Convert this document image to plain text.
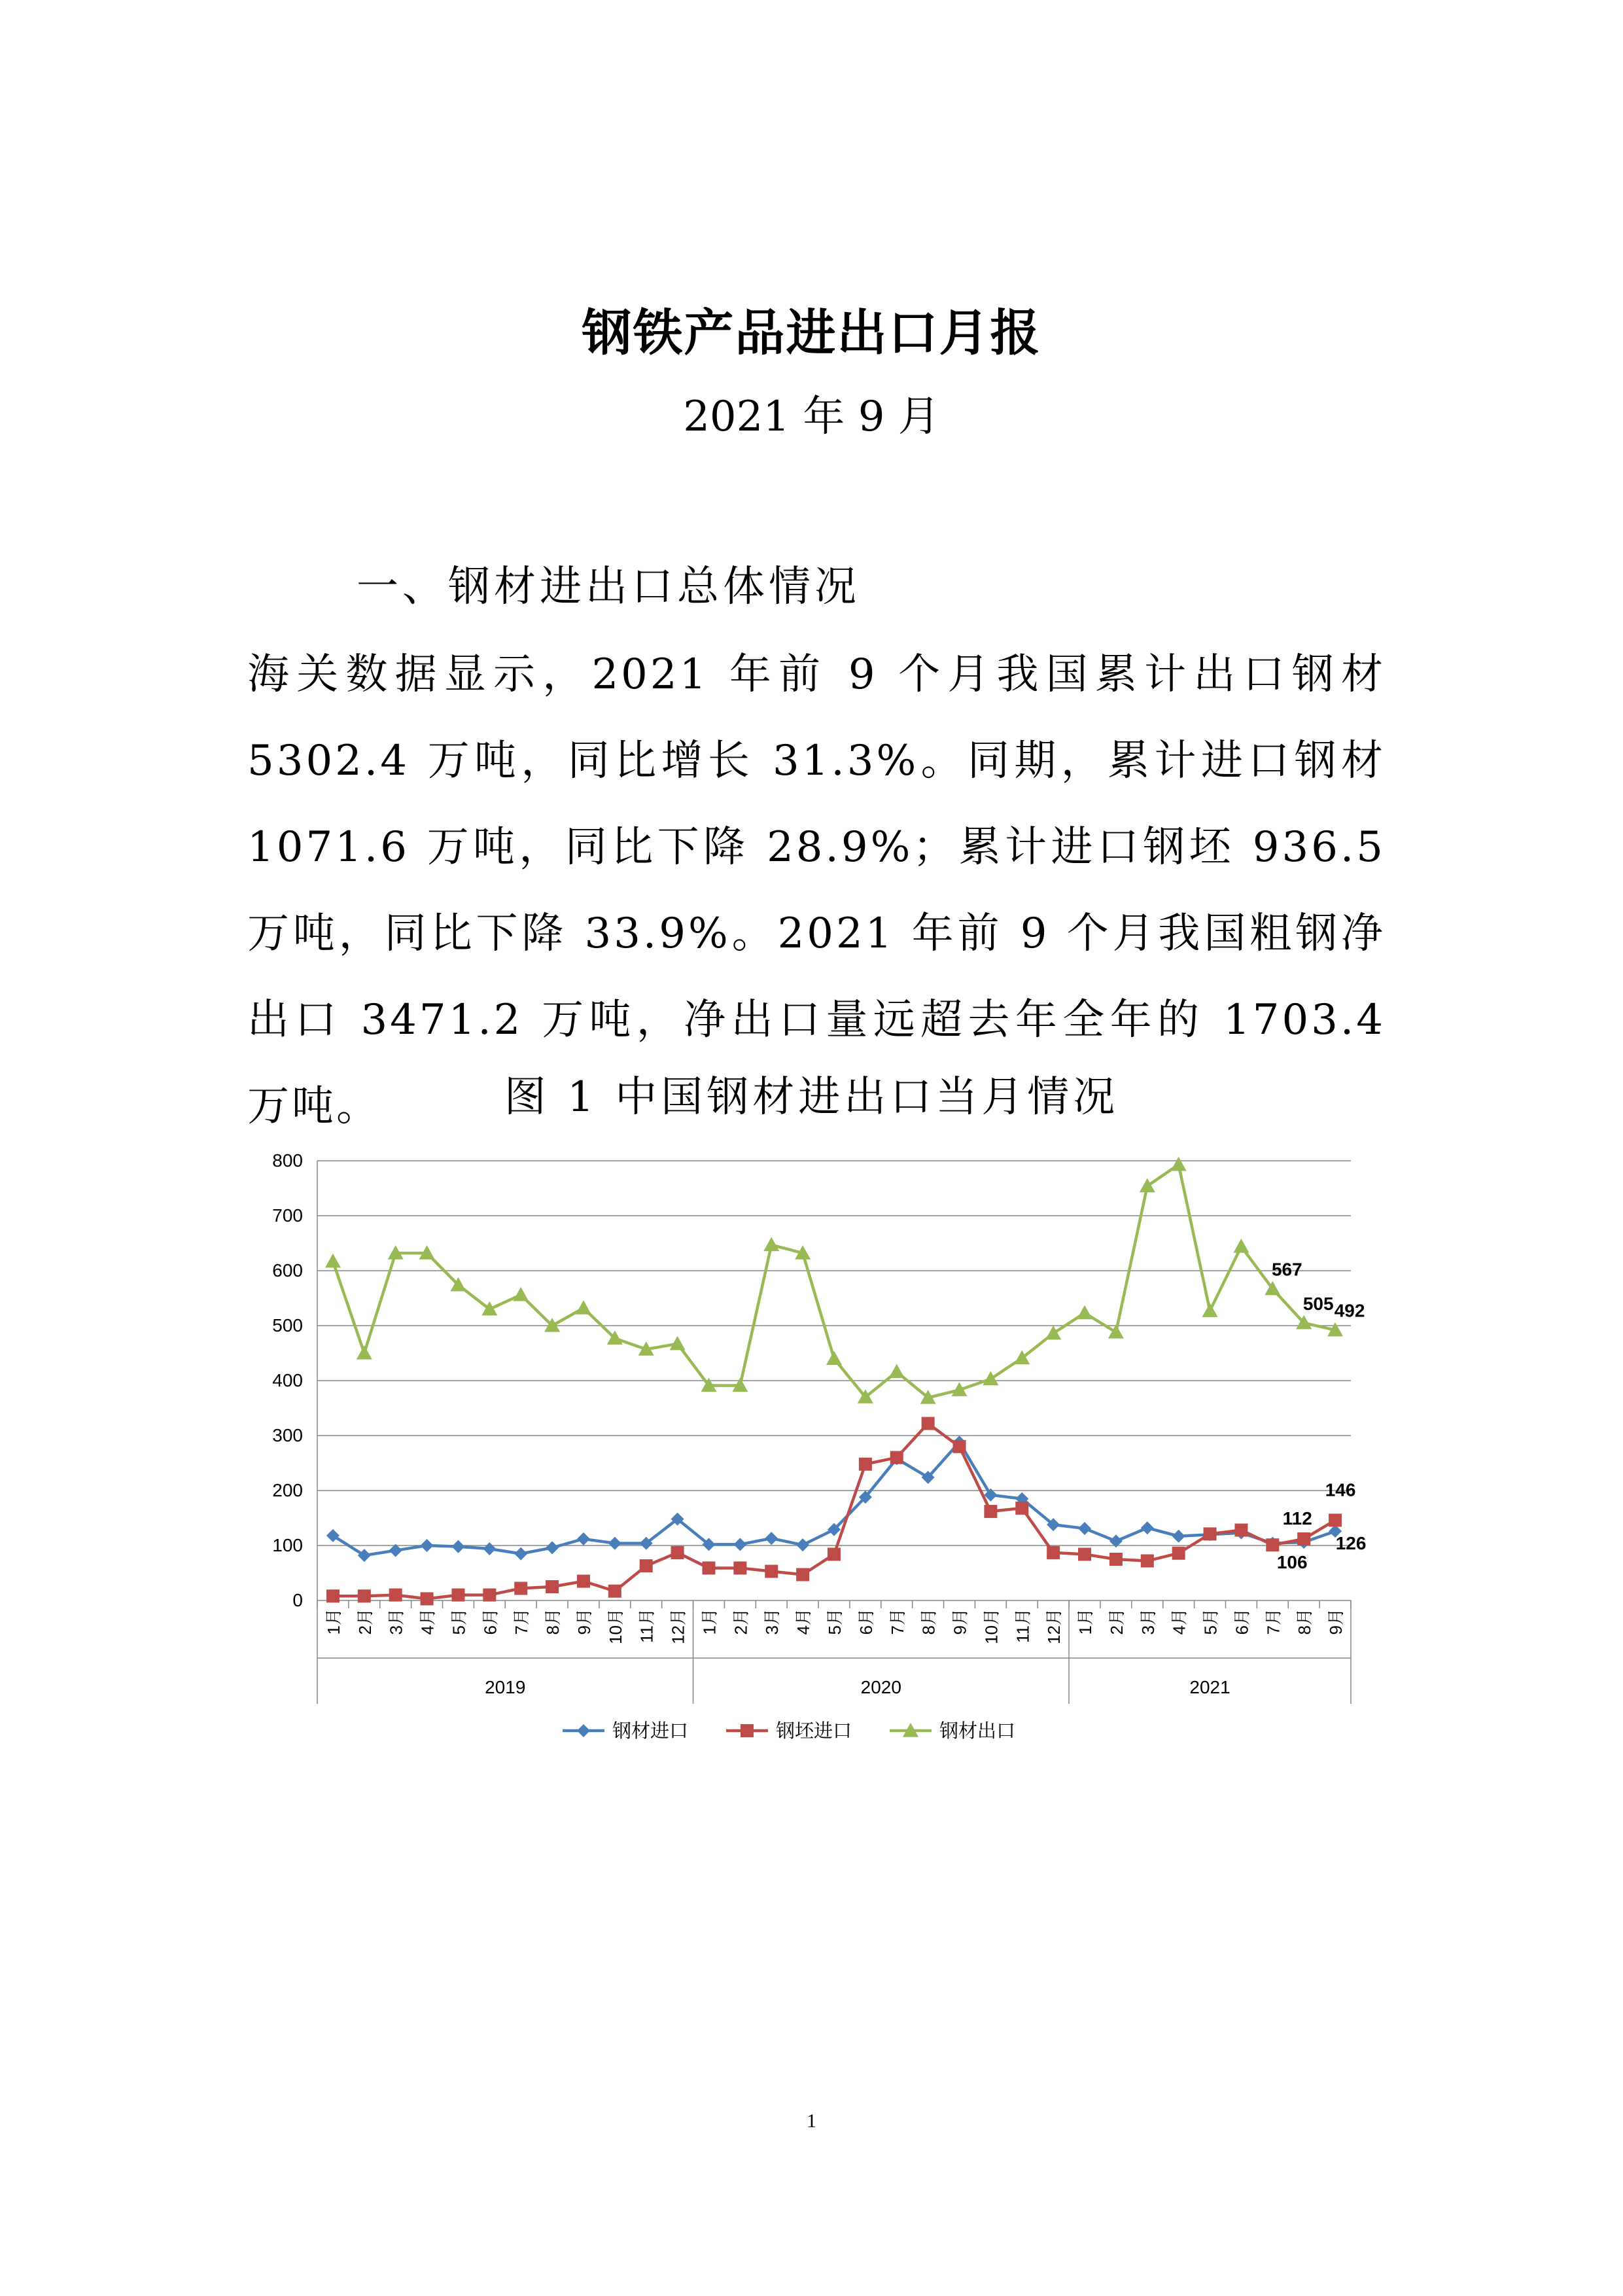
钢铁产品进出口月报
2021 年 9 月
一、钢材进出口总体情况
海关数据显示，2021 年前 9 个月我国累计出口钢材 5302.4 万吨，同比增长 31.3%。同期，累计进口钢材 1071.6 万吨，同比下降 28.9%；累计进口钢坯 936.5 万吨，同比下降 33.9%。2021 年前 9 个月我国粗钢净出口 3471.2 万吨，净出口量远超去年全年的 1703.4 万吨。	图 1 中国钢材进出口当月情况
0
100
200
300
400
500
600
700
800
1月 2月 3月 4月 5月 6月 7月 8月 9月 10月 11月 12月 1月 2月 3月 4月 5月 6月 7月 8月 9月 10月 11月 12月 1月 2月 3月 4月 5月 6月 7月 8月 9月
2019	2020	2021
106
126
112
146
567
505 492
钢材进口	钢坯进口	钢材出口
1
